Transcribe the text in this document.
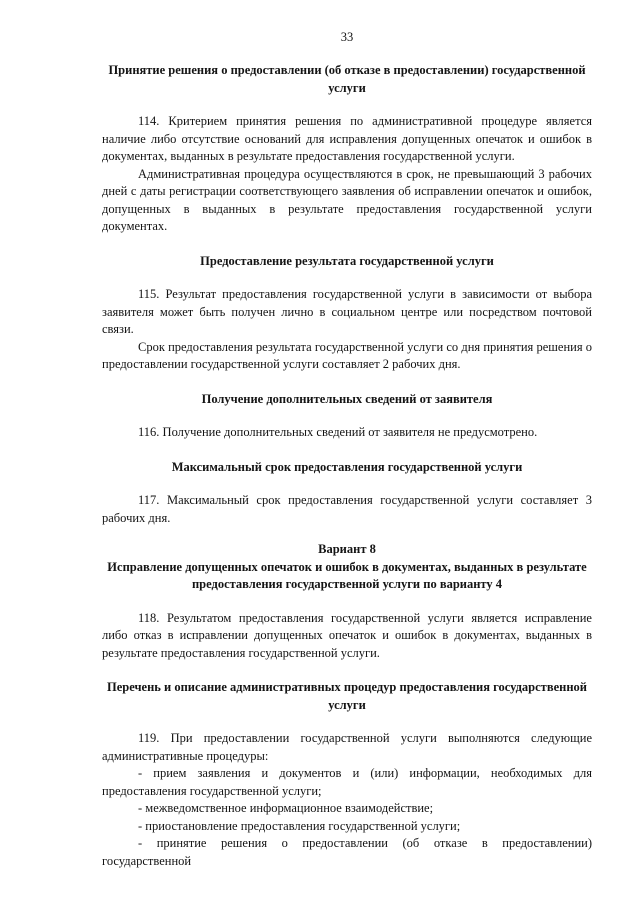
33
Принятие решения о предоставлении (об отказе в предоставлении) государственной услуги

114. Критерием принятия решения по административной процедуре является наличие либо отсутствие оснований для исправления допущенных опечаток и ошибок в документах, выданных в результате предоставления государственной услуги.

Административная процедура осуществляются в срок, не превышающий 3 рабочих дней с даты регистрации соответствующего заявления об исправлении опечаток и ошибок, допущенных в выданных в результате предоставления государственной услуги документах.

Предоставление результата государственной услуги

115. Результат предоставления государственной услуги в зависимости от выбора заявителя может быть получен лично в социальном центре или посредством почтовой связи.

Срок предоставления результата государственной услуги со дня принятия решения о предоставлении государственной услуги составляет 2 рабочих дня.

Получение дополнительных сведений от заявителя

116. Получение дополнительных сведений от заявителя не предусмотрено.

Максимальный срок предоставления государственной услуги

117. Максимальный срок предоставления государственной услуги составляет 3 рабочих дня.

Вариант 8
Исправление допущенных опечаток и ошибок в документах, выданных в результате предоставления государственной услуги по варианту 4

118. Результатом предоставления государственной услуги является исправление либо отказ в исправлении допущенных опечаток и ошибок в документах, выданных в результате предоставления государственной услуги.

Перечень и описание административных процедур предоставления государственной услуги

119. При предоставлении государственной услуги выполняются следующие административные процедуры:

- прием заявления и документов и (или) информации, необходимых для предоставления государственной услуги;

- межведомственное информационное взаимодействие;

- приостановление предоставления государственной услуги;

- принятие решения о предоставлении (об отказе в предоставлении) государственной
